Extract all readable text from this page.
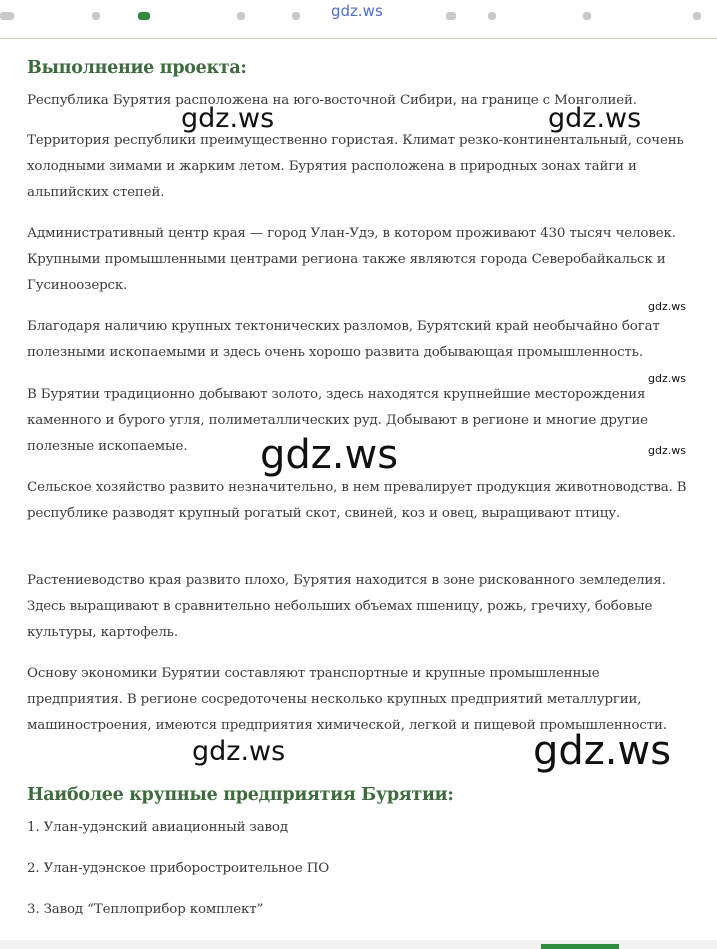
gdz.ws
Выполнение проекта:

Республика Бурятия расположена на юго-восточной Сибири, на границе с Монголией.

Территория республики преимущественно гористая. Климат резко-континентальный, сочень холодными зимами и жарким летом. Бурятия расположена в природных зонах тайги и альпийских степей.

Административный центр края — город Улан-Удэ, в котором проживают 430 тысяч человек. Крупными промышленными центрами региона также являются города Северобайкальск и Гусиноозерск.

Благодаря наличию крупных тектонических разломов, Бурятский край необычайно богат полезными ископаемыми и здесь очень хорошо развита добывающая промышленность.

В Бурятии традиционно добывают золото, здесь находятся крупнейшие месторождения каменного и бурого угля, полиметаллических руд. Добывают в регионе и многие другие полезные ископаемые.

Сельское хозяйство развито незначительно, в нем превалирует продукция животноводства. В республике разводят крупный рогатый скот, свиней, коз и овец, выращивают птицу.

Растениеводство края развито плохо, Бурятия находится в зоне рискованного земледелия. Здесь выращивают в сравнительно небольших объемах пшеницу, рожь, гречиху, бобовые культуры, картофель.

Основу экономики Бурятии составляют транспортные и крупные промышленные предприятия. В регионе сосредоточены несколько крупных предприятий металлургии, машиностроения, имеются предприятия химической, легкой и пищевой промышленности.

Наиболее крупные предприятия Бурятии:

1. Улан-удэнский авиационный завод

2. Улан-удэнское приборостроительное ПО

3. Завод “Теплоприбор комплект”

gdz.ws	gdz.ws
gdz.ws
gdz.ws
gdz.ws
gdz.ws
gdz.ws	gdz.ws
